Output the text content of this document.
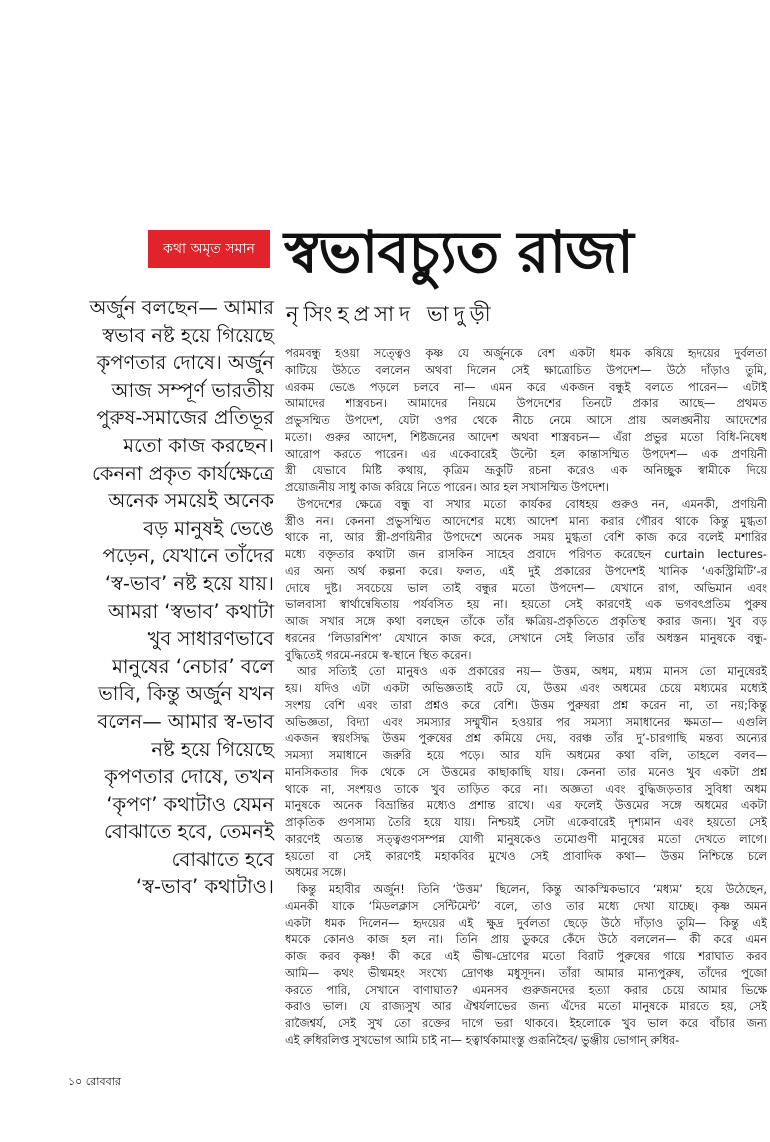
কথা অমৃত সমান স্বভাবচ্যুত রাজা
নৃসিংহপ্রসাদ ভাদুড়ী
অর্জুন বলছেন— আমার
স্বভাব নষ্ট হয়ে গিয়েছে
কৃপণতার দোষে। অর্জুন
আজ সম্পূর্ণ ভারতীয়
পুরুষ-সমাজের প্রতিভূর
মতো কাজ করছেন।
কেননা প্রকৃত কার্যক্ষেত্রে
অনেক সময়েই অনেক
বড় মানুষই ভেঙে
পড়েন, যেখানে তাঁদের
‘স্ব-ভাব’ নষ্ট হয়ে যায়।
আমরা ‘স্বভাব’ কথাটা
খুব সাধারণভাবে
মানুষের ‘নেচার’ বলে
ভাবি, কিন্তু অর্জুন যখন
বলেন— আমার স্ব-ভাব
নষ্ট হয়ে গিয়েছে
কৃপণতার দোষে, তখন
‘কৃপণ’ কথাটাও যেমন
বোঝাতে হবে, তেমনই
বোঝাতে হবে
‘স্ব-ভাব’ কথাটাও।
পরমবন্ধু হওয়া সত্ত্বেও কৃষ্ণ যে অর্জুনকে বেশ একটা ধমক কষিয়ে হৃদয়ের দুর্বলতা
কাটিয়ে উঠতে বললেন অথবা দিলেন সেই ক্ষাত্রোচিত উপদেশ— উঠে দাঁড়াও তুমি,
এরকম ভেঙে পড়লে চলবে না— এমন করে একজন বন্ধুই বলতে পারেন— এটাই
আমাদের শাস্ত্রবচন। আমাদের নিয়মে উপদেশের তিনটে প্রকার আছে— প্রথমত
প্রভুসম্মিত উপদেশ, যেটা ওপর থেকে নীচে নেমে আসে প্রায় অলঙ্ঘনীয় আদেশের
মতো। গুরুর আদেশ, শিষ্টজনের আদেশ অথবা শাস্ত্রবচন— এঁরা প্রভুর মতো বিধি-নিষেধ
আরোপ করতে পারেন। এর একেবারেই উল্টো হল কান্তাসম্মিত উপদেশ— এক প্রণয়িনী
স্ত্রী যেভাবে মিষ্টি কথায়, কৃত্রিম ভ্রূকুটি রচনা করেও এক অনিচ্ছুক স্বামীকে দিয়ে
প্রয়োজনীয় সাধু কাজ করিয়ে নিতে পারেন। আর হল সখাসম্মিত উপদেশ।
উপদেশের ক্ষেত্রে বন্ধু বা সখার মতো কার্যকর বোধহয় গুরুও নন, এমনকী, প্রণয়িনী
স্ত্রীও নন। কেননা প্রভুসম্মিত আদেশের মধ্যে আদেশ মান্য করার গৌরব থাকে কিন্তু মুগ্ধতা
থাকে না, আর স্ত্রী-প্রণয়িনীর উপদেশে অনেক সময় মুগ্ধতা বেশি কাজ করে বলেই মশারির
মধ্যে বক্তৃতার কথাটা জন রাসকিন সাহেব প্রবাদে পরিণত করেছেন curtain lectures-
এর অন্য অর্থ কল্পনা করে। ফলত, এই দুই প্রকারের উপদেশই খানিক ‘একস্ট্রিমিটি’-র
দোষে দুষ্ট। সবচেয়ে ভাল তাই বন্ধুর মতো উপদেশ— যেখানে রাগ, অভিমান এবং
ভালবাসা স্বার্থান্বেষিতায় পর্যবসিত হয় না। হয়তো সেই কারণেই এক ভগবৎপ্রতিম পুরুষ
আজ সখার সঙ্গে কথা বলছেন তাঁকে তাঁর ক্ষত্রিয়-প্রকৃতিতে প্রকৃতিস্থ করার জন্য। খুব বড়
ধরনের ‘লিডারশিপ’ যেখানে কাজ করে, সেখানে সেই লিডার তাঁর অধস্তন মানুষকে বন্ধু-
বুদ্ধিতেই গরমে-নরমে স্ব-স্থানে স্থিত করেন।
আর সত্যিই তো মানুষও এক প্রকারের নয়— উত্তম, অধম, মধ্যম মানস তো মানুষেরই
হয়। যদিও এটা একটা অভিজ্ঞতাই বটে যে, উত্তম এবং অধমের চেয়ে মধ্যমের মধ্যেই
সংশয় বেশি এবং তারা প্রশ্নও করে বেশি। উত্তম পুরুষরা প্রশ্ন করেন না, তা নয়;কিন্তু
অভিজ্ঞতা, বিদ্যা এবং সমস্যার সম্মুখীন হওয়ার পর সমস্যা সমাধানের ক্ষমতা— এগুলি
একজন স্বয়ংসিদ্ধ উত্তম পুরুষের প্রশ্ন কমিয়ে দেয়, বরঞ্চ তাঁর দু’-চারগাছি মন্তব্য অন্যের
সমস্যা সমাধানে জরুরি হয়ে পড়ে। আর যদি অধমের কথা বলি, তাহলে বলব—
মানসিকতার দিক থেকে সে উত্তমের কাছাকাছি যায়। কেননা তার মনেও খুব একটা প্রশ্ন
থাকে না, সংশয়ও তাকে খুব তাড়িত করে না। অজ্ঞতা এবং বুদ্ধিজড়তার সুবিধা অধম
মানুষকে অনেক বিভ্রান্তির মধ্যেও প্রশান্ত রাখে। এর ফলেই উত্তমের সঙ্গে অধমের একটা
প্রাকৃতিক গুণসাম্য তৈরি হয়ে যায়। নিশ্চয়ই সেটা একেবারেই দৃশ্যমান এবং হয়তো সেই
কারণেই অত্যন্ত সত্ত্বগুণসম্পন্ন যোগী মানুষকেও তমোগুণী মানুষের মতো দেখতে লাগে।
হয়তো বা সেই কারণেই মহাকবির মুখেও সেই প্রাবাদিক কথা— উত্তম নিশ্চিন্তে চলে
অধমের সঙ্গে।
কিন্তু মহাবীর অর্জুন! তিনি ‘উত্তম’ ছিলেন, কিন্তু আকস্মিকভাবে ‘মধ্যম’ হয়ে উঠেছেন,
এমনকী যাকে ‘মিডলক্লাস সেন্টিমেন্ট’ বলে, তাও তার মধ্যে দেখা যাচ্ছে। কৃষ্ণ অমন
একটা ধমক দিলেন— হৃদয়ের এই ক্ষুদ্র দুর্বলতা ছেড়ে উঠে দাঁড়াও তুমি— কিন্তু এই
ধমকে কোনও কাজ হল না। তিনি প্রায় ডুকরে কেঁদে উঠে বললেন— কী করে এমন
কাজ করব কৃষ্ণ! কী করে এই ভীষ্ম-দ্রোণের মতো বিরাট পুরুষের গায়ে শরাঘাত করব
আমি— কথং ভীষ্মমহং সংখ্যে দ্রোণঞ্চ মধুসূদন। তাঁরা আমার মান্যপুরুষ, তাঁদের পুজো
করতে পারি, সেখানে বাণাঘাত? এমনসব গুরুজনদের হত্যা করার চেয়ে আমার ভিক্ষে
করাও ভাল। যে রাজ্যসুখ আর ঐশ্বর্যলাভের জন্য এঁদের মতো মানুষকে মারতে হয়, সেই
রাজৈশ্বর্য, সেই সুখ তো রক্তের দাগে ভরা থাকবে। ইহলোকে খুব ভাল করে বাঁচার জন্য
এই রুধিরলিপ্ত সুখভোগ আমি চাই না— হত্বার্থকামাংস্তু গুরূনিহৈব/ ভুঞ্জীয় ভোগান্ রুধির-
১০ রোববার
